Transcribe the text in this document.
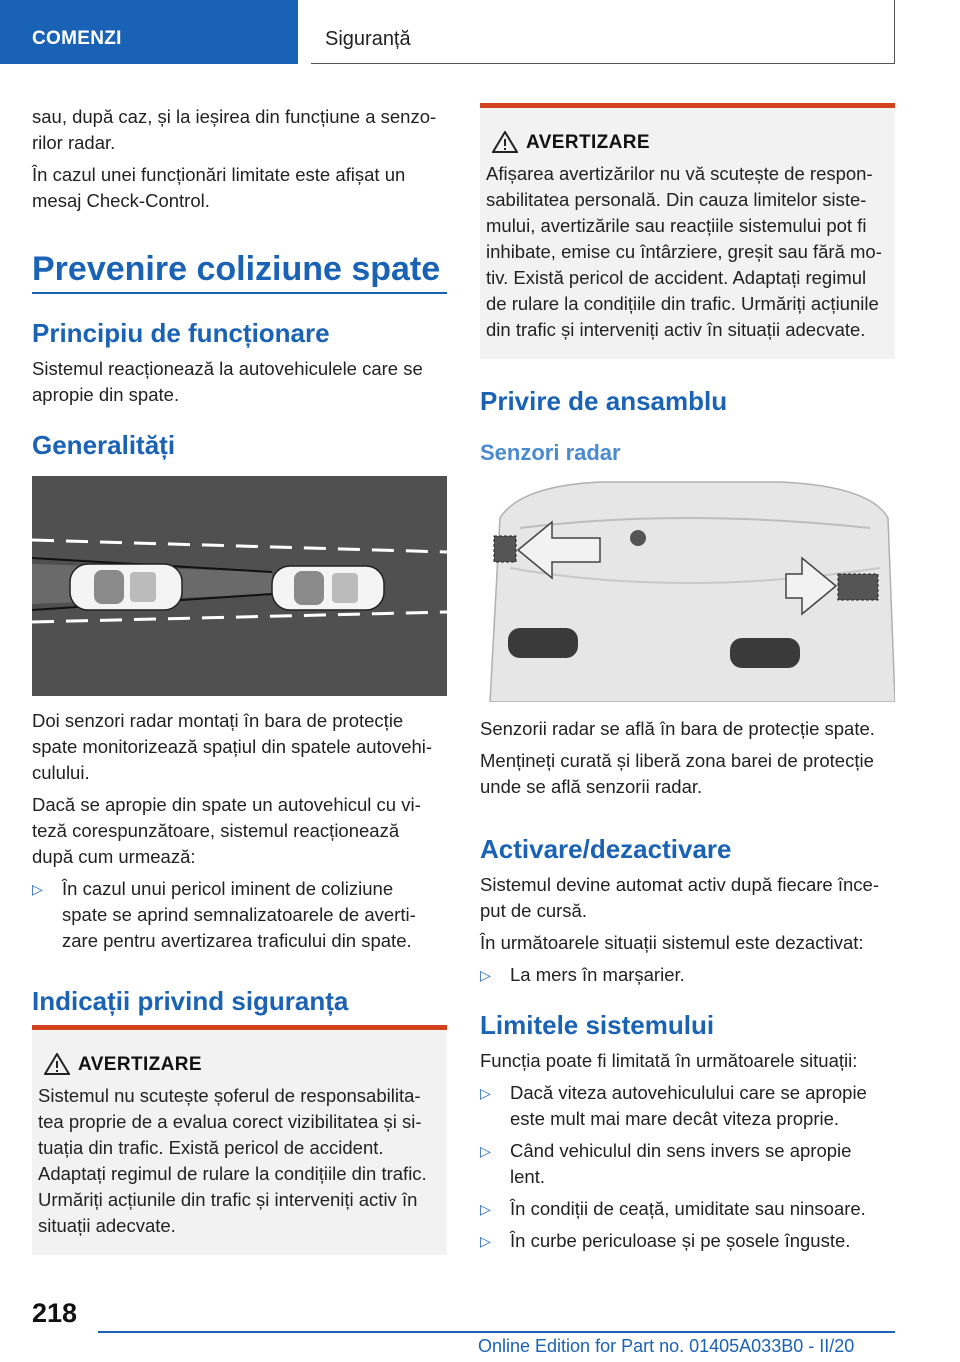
COMENZI	Siguranță

sau, după caz, și la ieșirea din funcțiune a senzo‐

rilor radar.

În cazul unei funcționări limitate este afișat un

mesaj Check-Control.

Prevenire coliziune spate
Principiu de funcționare

Sistemul reacționează la autovehiculele care se

apropie din spate.

Generalități

Doi senzori radar montați în bara de protecție

spate monitorizează spațiul din spatele autovehi‐

culului.

Dacă se apropie din spate un autovehicul cu vi‐

teză corespunzătoare, sistemul reacționează

după cum urmează:

▷ În cazul unui pericol iminent de coliziune
spate se aprind semnalizatoarele de averti‐
zare pentru avertizarea traficului din spate.
Indicații privind siguranța
AVERTIZARE
Sistemul nu scutește șoferul de responsabilita‐
tea proprie de a evalua corect vizibilitatea și si‐
tuația din trafic. Există pericol de accident.
Adaptați regimul de rulare la condițiile din trafic.
Urmăriți acțiunile din trafic și interveniți activ în
situații adecvate.
AVERTIZARE
Afișarea avertizărilor nu vă scutește de respon‐
sabilitatea personală. Din cauza limitelor siste‐
mului, avertizările sau reacțiile sistemului pot fi
inhibate, emise cu întârziere, greșit sau fără mo‐
tiv. Există pericol de accident. Adaptați regimul
de rulare la condițiile din trafic. Urmăriți acțiunile
din trafic și interveniți activ în situații adecvate.
Privire de ansamblu
Senzori radar

Senzorii radar se află în bara de protecție spate.

Mențineți curată și liberă zona barei de protecție

unde se află senzorii radar.

Activare/dezactivare

Sistemul devine automat activ după fiecare înce‐

put de cursă.

În următoarele situații sistemul este dezactivat:

▷ La mers în marșarier.
Limitele sistemului

Funcția poate fi limitată în următoarele situații:

▷ Dacă viteza autovehiculului care se apropie
este mult mai mare decât viteza proprie.
▷ Când vehiculul din sens invers se apropie
lent.
▷ În condiții de ceață, umiditate sau ninsoare.
▷ În curbe periculoase și pe șosele înguste.
218
Online Edition for Part no. 01405A033B0 - II/20
